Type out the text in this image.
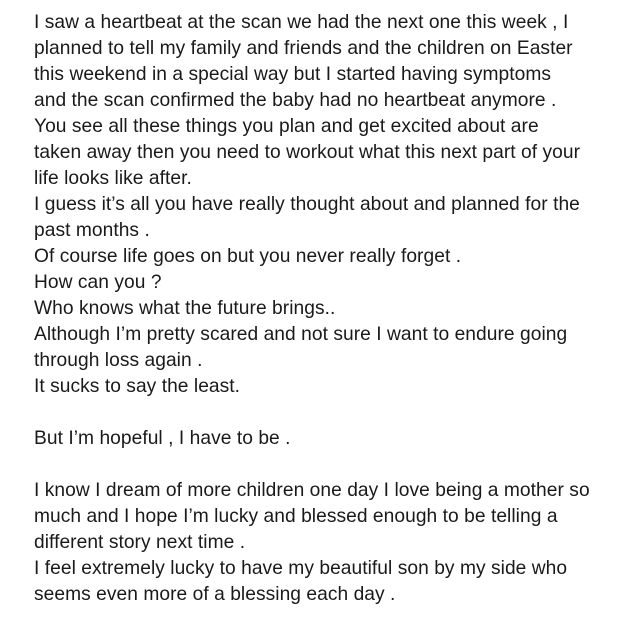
I saw a heartbeat at the scan we had the next one this week , I

planned to tell my family and friends and the children on Easter

this weekend in a special way but I started having symptoms

and the scan confirmed the baby had no heartbeat anymore .

You see all these things you plan and get excited about are

taken away then you need to workout what this next part of your

life looks like after.

I guess it’s all you have really thought about and planned for the

past months .

Of course life goes on but you never really forget .

How can you ?

Who knows what the future brings..

Although I’m pretty scared and not sure I want to endure going

through loss again .

It sucks to say the least.

But I’m hopeful , I have to be .

I know I dream of more children one day I love being a mother so

much and I hope I’m lucky and blessed enough to be telling a

different story next time .

I feel extremely lucky to have my beautiful son by my side who

seems even more of a blessing each day .
